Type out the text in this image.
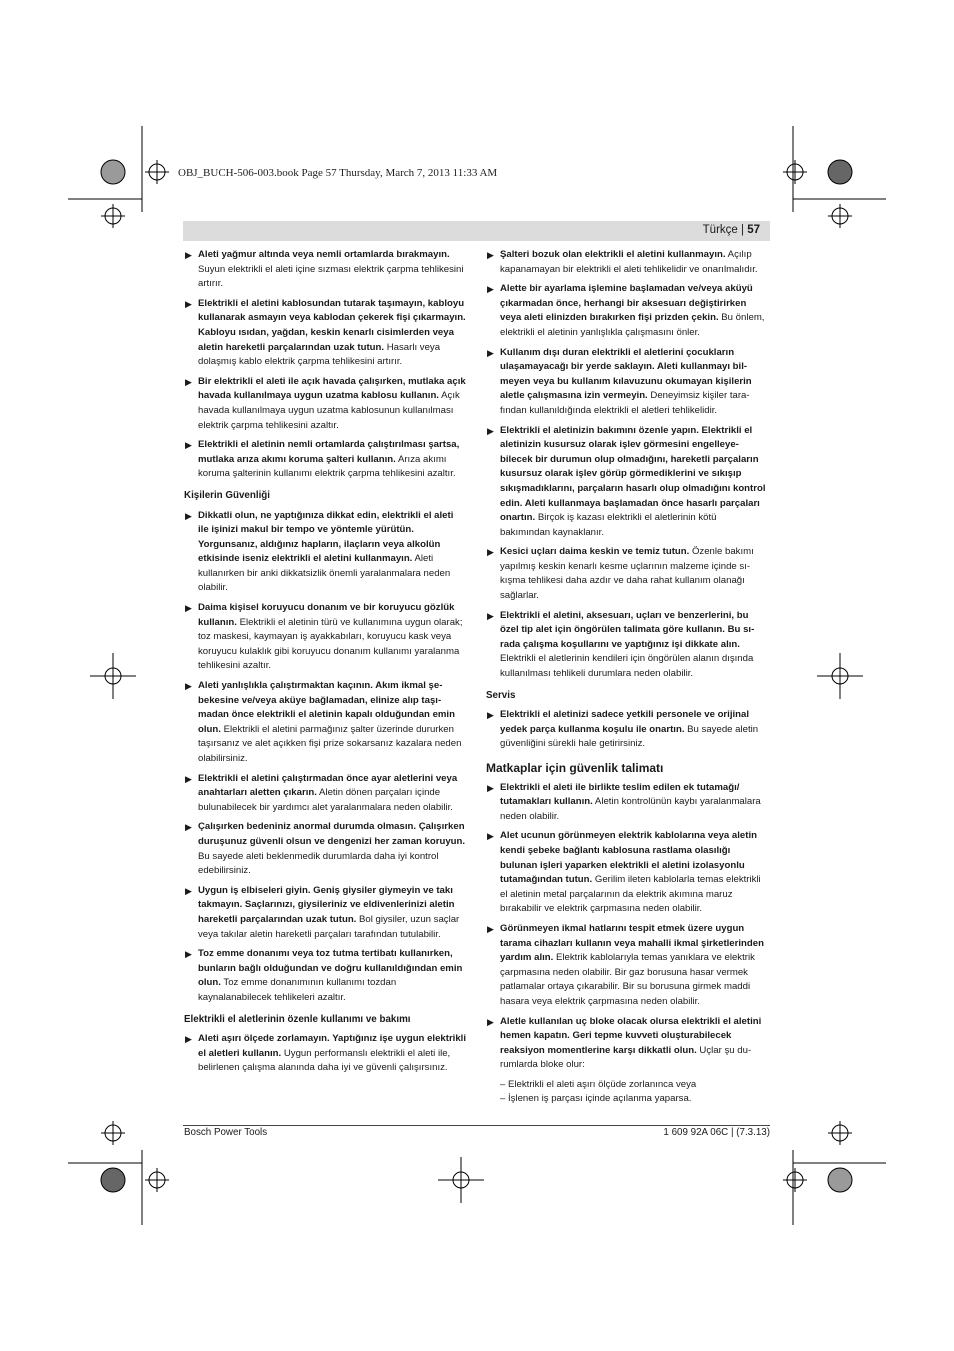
OBJ_BUCH-506-003.book Page 57 Thursday, March 7, 2013 11:33 AM
Türkçe | 57
▶ Aleti yağmur altında veya nemli ortamlarda bırakmayın. Suyun elektrikli el aleti içine sızması elektrik çarpma tehlikesini artırır.
▶ Elektrikli el aletini kablosundan tutarak taşımayın, kabloyu kullanarak asmayın veya kablodan çekerek fişi çıkarmayın. Kabloyu ısıdan, yağdan, keskin kenarlı cisimlerden veya aletin hareketli parçalarından uzak tutun. Hasarlı veya dolaşmış kablo elektrik çarpma tehlikesini artırır.
▶ Bir elektrikli el aleti ile açık havada çalışırken, mutlaka açık havada kullanılmaya uygun uzatma kablosu kullanın. Açık havada kullanılmaya uygun uzatma kablosunun kullanılması elektrik çarpma tehlikesini azaltır.
▶ Elektrikli el aletinin nemli ortamlarda çalıştırılması şartsa, mutlaka arıza akımı koruma şalteri kullanın. Arıza akımı koruma şalterinin kullanımı elektrik çarpma tehlikesini azaltır.
Kişilerin Güvenliği
▶ Dikkatli olun, ne yaptığınıza dikkat edin, elektrikli el aleti ile işinizi makul bir tempo ve yöntemle yürütün. Yorgunsanız, aldığınız hapların, ilaçların veya alkolün etkisinde iseniz elektrikli el aletini kullanmayın. Aleti kullanırken bir anki dikkatsizlik önemli yaralanmalara neden olabilir.
▶ Daima kişisel koruyucu donanım ve bir koruyucu gözlük kullanın. Elektrikli el aletinin türü ve kullanımına uygun olarak; toz maskesi, kaymayan iş ayakkabıları, koruyucu kask veya koruyucu kulaklık gibi koruyucu donanım kullanımı yaralanma tehlikesini azaltır.
▶ Aleti yanlışlıkla çalıştırmaktan kaçının. Akım ikmal şebekesine ve/veya aküye bağlamadan, elinize alıp taşımadan önce elektrikli el aletinin kapalı olduğundan emin olun. Elektrikli el aletini parmağınız şalter üzerinde dururken taşırsanız ve alet açıkken fişi prize sokarsanız kazalara neden olabilirsiniz.
▶ Elektrikli el aletini çalıştırmadan önce ayar aletlerini veya anahtarları aletten çıkarın. Aletin dönen parçaları içinde bulunabilecek bir yardımcı alet yaralanmalara neden olabilir.
▶ Çalışırken bedeniniz anormal durumda olmasın. Çalışırken duruşunuz güvenli olsun ve dengenizi her zaman koruyun. Bu sayede aleti beklenmedik durumlarda daha iyi kontrol edebilirsiniz.
▶ Uygun iş elbiseleri giyin. Geniş giysiler giymeyin ve takı takmayın. Saçlarınızı, giysileriniz ve eldivenlerinizi aletin hareketli parçalarından uzak tutun. Bol giysiler, uzun saçlar veya takılar aletin hareketli parçaları tarafından tutulabilir.
▶ Toz emme donanımı veya toz tutma tertibatı kullanırken, bunların bağlı olduğundan ve doğru kullanıldığından emin olun. Toz emme donanımının kullanımı tozdan kaynalanabilecek tehlikeleri azaltır.
Elektrikli el aletlerinin özenle kullanımı ve bakımı
▶ Aleti aşırı ölçede zorlamayın. Yaptığınız işe uygun elektrikli el aletleri kullanın. Uygun performanslı elektrikli el aleti ile, belirlenen çalışma alanında daha iyi ve güvenli çalışırsınız.
▶ Şalteri bozuk olan elektrikli el aletini kullanmayın. Açılıp kapanamayan bir elektrikli el aleti tehlikelidir ve onarılmalıdır.
▶ Alette bir ayarlama işlemine başlamadan ve/veya aküyü çıkarmadan önce, herhangi bir aksesuarı değiştirirken veya aleti elinizden bırakırken fişi prizden çekin. Bu önlem, elektrikli el aletinin yanlışlıkla çalışmasını önler.
▶ Kullanım dışı duran elektrikli el aletlerini çocukların ulaşamayacağı bir yerde saklayın. Aleti kullanmayı bilmeyen veya bu kullanım kılavuzunu okumayan kişilerin aletle çalışmasına izin vermeyin. Deneyimsiz kişiler tarafından kullanıldığında elektrikli el aletleri tehlikelidir.
▶ Elektrikli el aletinizin bakımını özenle yapın. Elektrikli el aletinizin kusursuz olarak işlev görmesini engelleyebilecek bir durumun olup olmadığını, hareketli parçaların kusursuz olarak işlev görüp görmediklerini ve sıkışıp sıkışmadıklarını, parçaların hasarlı olup olmadığını kontrol edin. Aleti kullanmaya başlamadan önce hasarlı parçaları onartın. Birçok iş kazası elektrikli el aletlerinin kötü bakımından kaynaklanır.
▶ Kesici uçları daima keskin ve temiz tutun. Özenle bakımı yapılmış keskin kenarlı kesme uçlarının malzeme içinde sıkışma tehlikesi daha azdır ve daha rahat kullanım olanağı sağlarlar.
▶ Elektrikli el aletini, aksesuarı, uçları ve benzerlerini, bu özel tip alet için öngörülen talimata göre kullanın. Bu sırada çalışma koşullarını ve yaptığınız işi dikkate alın. Elektrikli el aletlerinin kendileri için öngörülen alanın dışında kullanılması tehlikeli durumlara neden olabilir.
Servis
▶ Elektrikli el aletinizi sadece yetkili personele ve orijinal yedek parça kullanma koşulu ile onartın. Bu sayede aletin güvenliğini sürekli hale getirirsiniz.
Matkaplar için güvenlik talimatı
▶ Elektrikli el aleti ile birlikte teslim edilen ek tutamağı/ tutamakları kullanın. Aletin kontrolünün kaybı yaralanmalara neden olabilir.
▶ Alet ucunun görünmeyen elektrik kablolarına veya aletin kendi şebeke bağlantı kablosuna rastlama olasılığı bulunan işleri yaparken elektrikli el aletini izolasyonlu tutamağından tutun. Gerilim ileten kablolarla temas elektrikli el aletinin metal parçalarının da elektrik akımına maruz bırakabilir ve elektrik çarpmasına neden olabilir.
▶ Görünmeyen ikmal hatlarını tespit etmek üzere uygun tarama cihazları kullanın veya mahalli ikmal şirketlerinden yardım alın. Elektrik kablolarıyla temas yanıklara ve elektrik çarpmasına neden olabilir. Bir gaz borusuna hasar vermek patlamalar ortaya çıkarabilir. Bir su borusuna girmek maddi hasara veya elektrik çarpmasına neden olabilir.
▶ Aletle kullanılan uç bloke olacak olursa elektrikli el aletini hemen kapatın. Geri tepme kuvveti oluşturabilecek reaksiyon momentlerine karşı dikkatli olun. Uçlar şu durumlarda bloke olur:
– Elektrikli el aleti aşırı ölçüde zorlanınca veya
– İşlenen iş parçası içinde açılanma yaparsa.
Bosch Power Tools	1 609 92A 06C | (7.3.13)
